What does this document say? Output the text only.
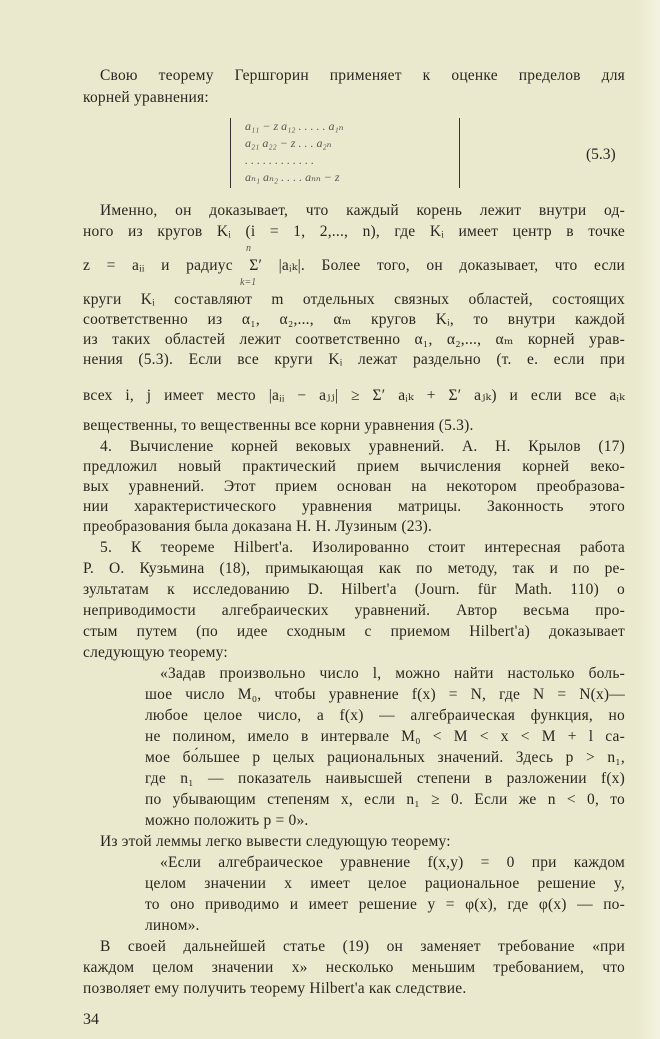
Свою теорему Гершгорин применяет к оценке пределов для
корней уравнения:
a₁₁ − z a₁₂ . . . . . a₁ₙ
a₂₁ a₂₂ − z . . . a₂ₙ
. . . . . . . . . . . .
aₙ₁ aₙ₂ . . . . aₙₙ − z
(5.3)
Именно, он доказывает, что каждый корень лежит внутри од-
ного из кругов Kᵢ (i = 1, 2,..., n), где Kᵢ имеет центр в точке
n
z = aᵢᵢ и радиус Σ′ |aᵢₖ|. Более того, он доказывает, что если
k=1
круги Kᵢ составляют m отдельных связных областей, состоящих
соответственно из α₁, α₂,..., αₘ кругов Kᵢ, то внутри каждой
из таких областей лежит соответственно α₁, α₂,..., αₘ корней урав-
нения (5.3). Если все круги Kᵢ лежат раздельно (т. е. если при
всех i, j имеет место |aᵢᵢ − aⱼⱼ| ≥ Σ′ aᵢₖ + Σ′ aⱼₖ) и если все aᵢₖ
вещественны, то вещественны все корни уравнения (5.3).
4. Вычисление корней вековых уравнений. А. Н. Крылов (17)
предложил новый практический прием вычисления корней веко-
вых уравнений. Этот прием основан на некотором преобразова-
нии характеристического уравнения матрицы. Законность этого
преобразования была доказана Н. Н. Лузиным (23).
5. К теореме Hilbert'a. Изолированно стоит интересная работа
Р. О. Кузьмина (18), примыкающая как по методу, так и по ре-
зультатам к исследованию D. Hilbert'a (Journ. für Math. 110) о
неприводимости алгебраических уравнений. Автор весьма про-
стым путем (по идее сходным с приемом Hilbert'a) доказывает
следующую теорему:
«Задав произвольно число l, можно найти настолько боль-
шое число M₀, чтобы уравнение f(x) = N, где N = N(x)—
любое целое число, а f(x) — алгебраическая функция, но
не полином, имело в интервале M₀ < M < x < M + l са-
мое бо́льшее p целых рациональных значений. Здесь p > n₁,
где n₁ — показатель наивысшей степени в разложении f(x)
по убывающим степеням x, если n₁ ≥ 0. Если же n < 0, то
можно положить p = 0».
Из этой леммы легко вывести следующую теорему:
«Если алгебраическое уравнение f(x,y) = 0 при каждом
целом значении x имеет целое рациональное решение y,
то оно приводимо и имеет решение y = φ(x), где φ(x) — по-
лином».
В своей дальнейшей статье (19) он заменяет требование «при
каждом целом значении x» несколько меньшим требованием, что
позволяет ему получить теорему Hilbert'a как следствие.
34
